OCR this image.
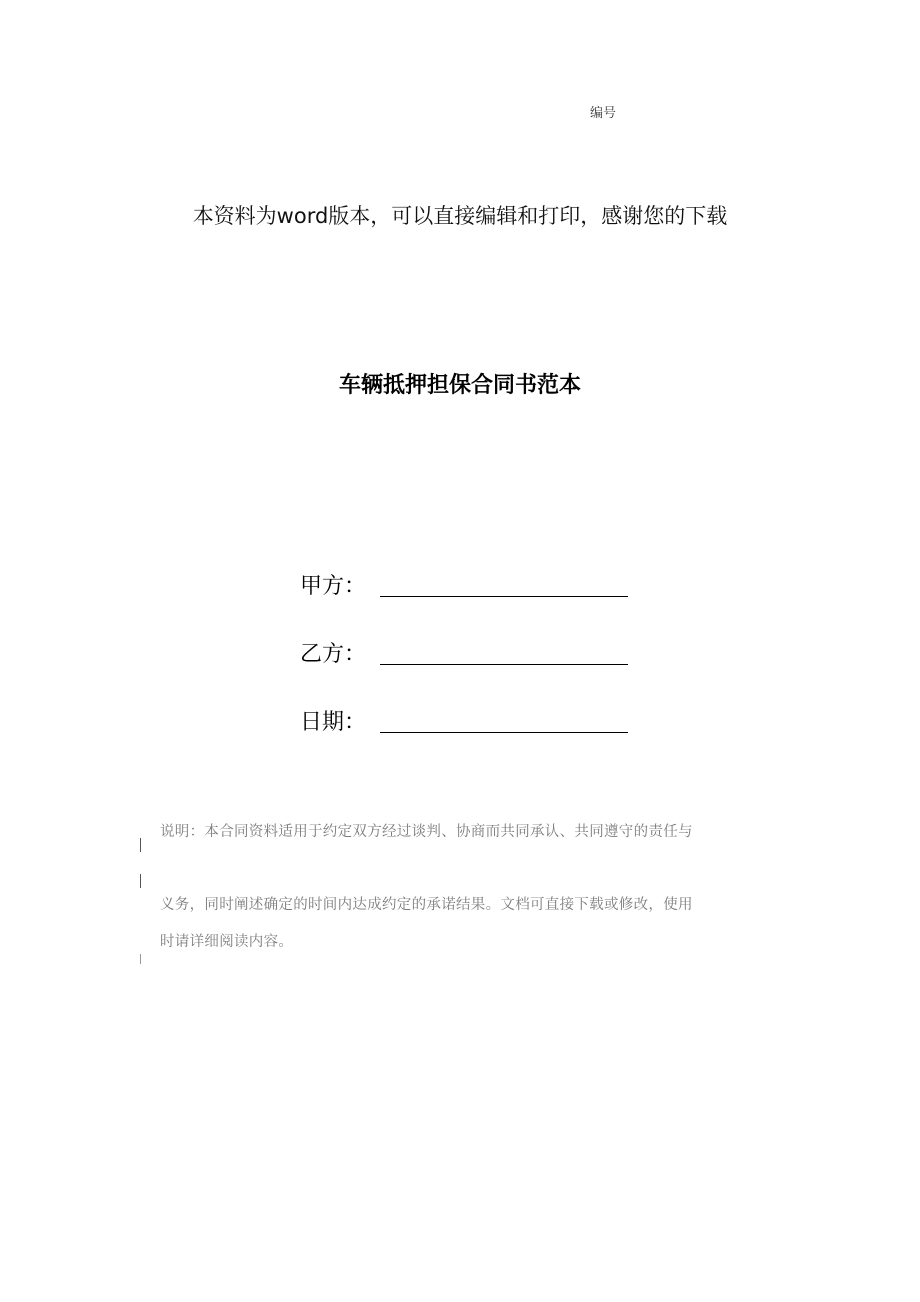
编号
本资料为word版本，可以直接编辑和打印，感谢您的下载
车辆抵押担保合同书范本
甲方：
乙方：
日期：
说明：本合同资料适用于约定双方经过谈判、协商而共同承认、共同遵守的责任与
义务，同时阐述确定的时间内达成约定的承诺结果。文档可直接下载或修改，使用
时请详细阅读内容。
